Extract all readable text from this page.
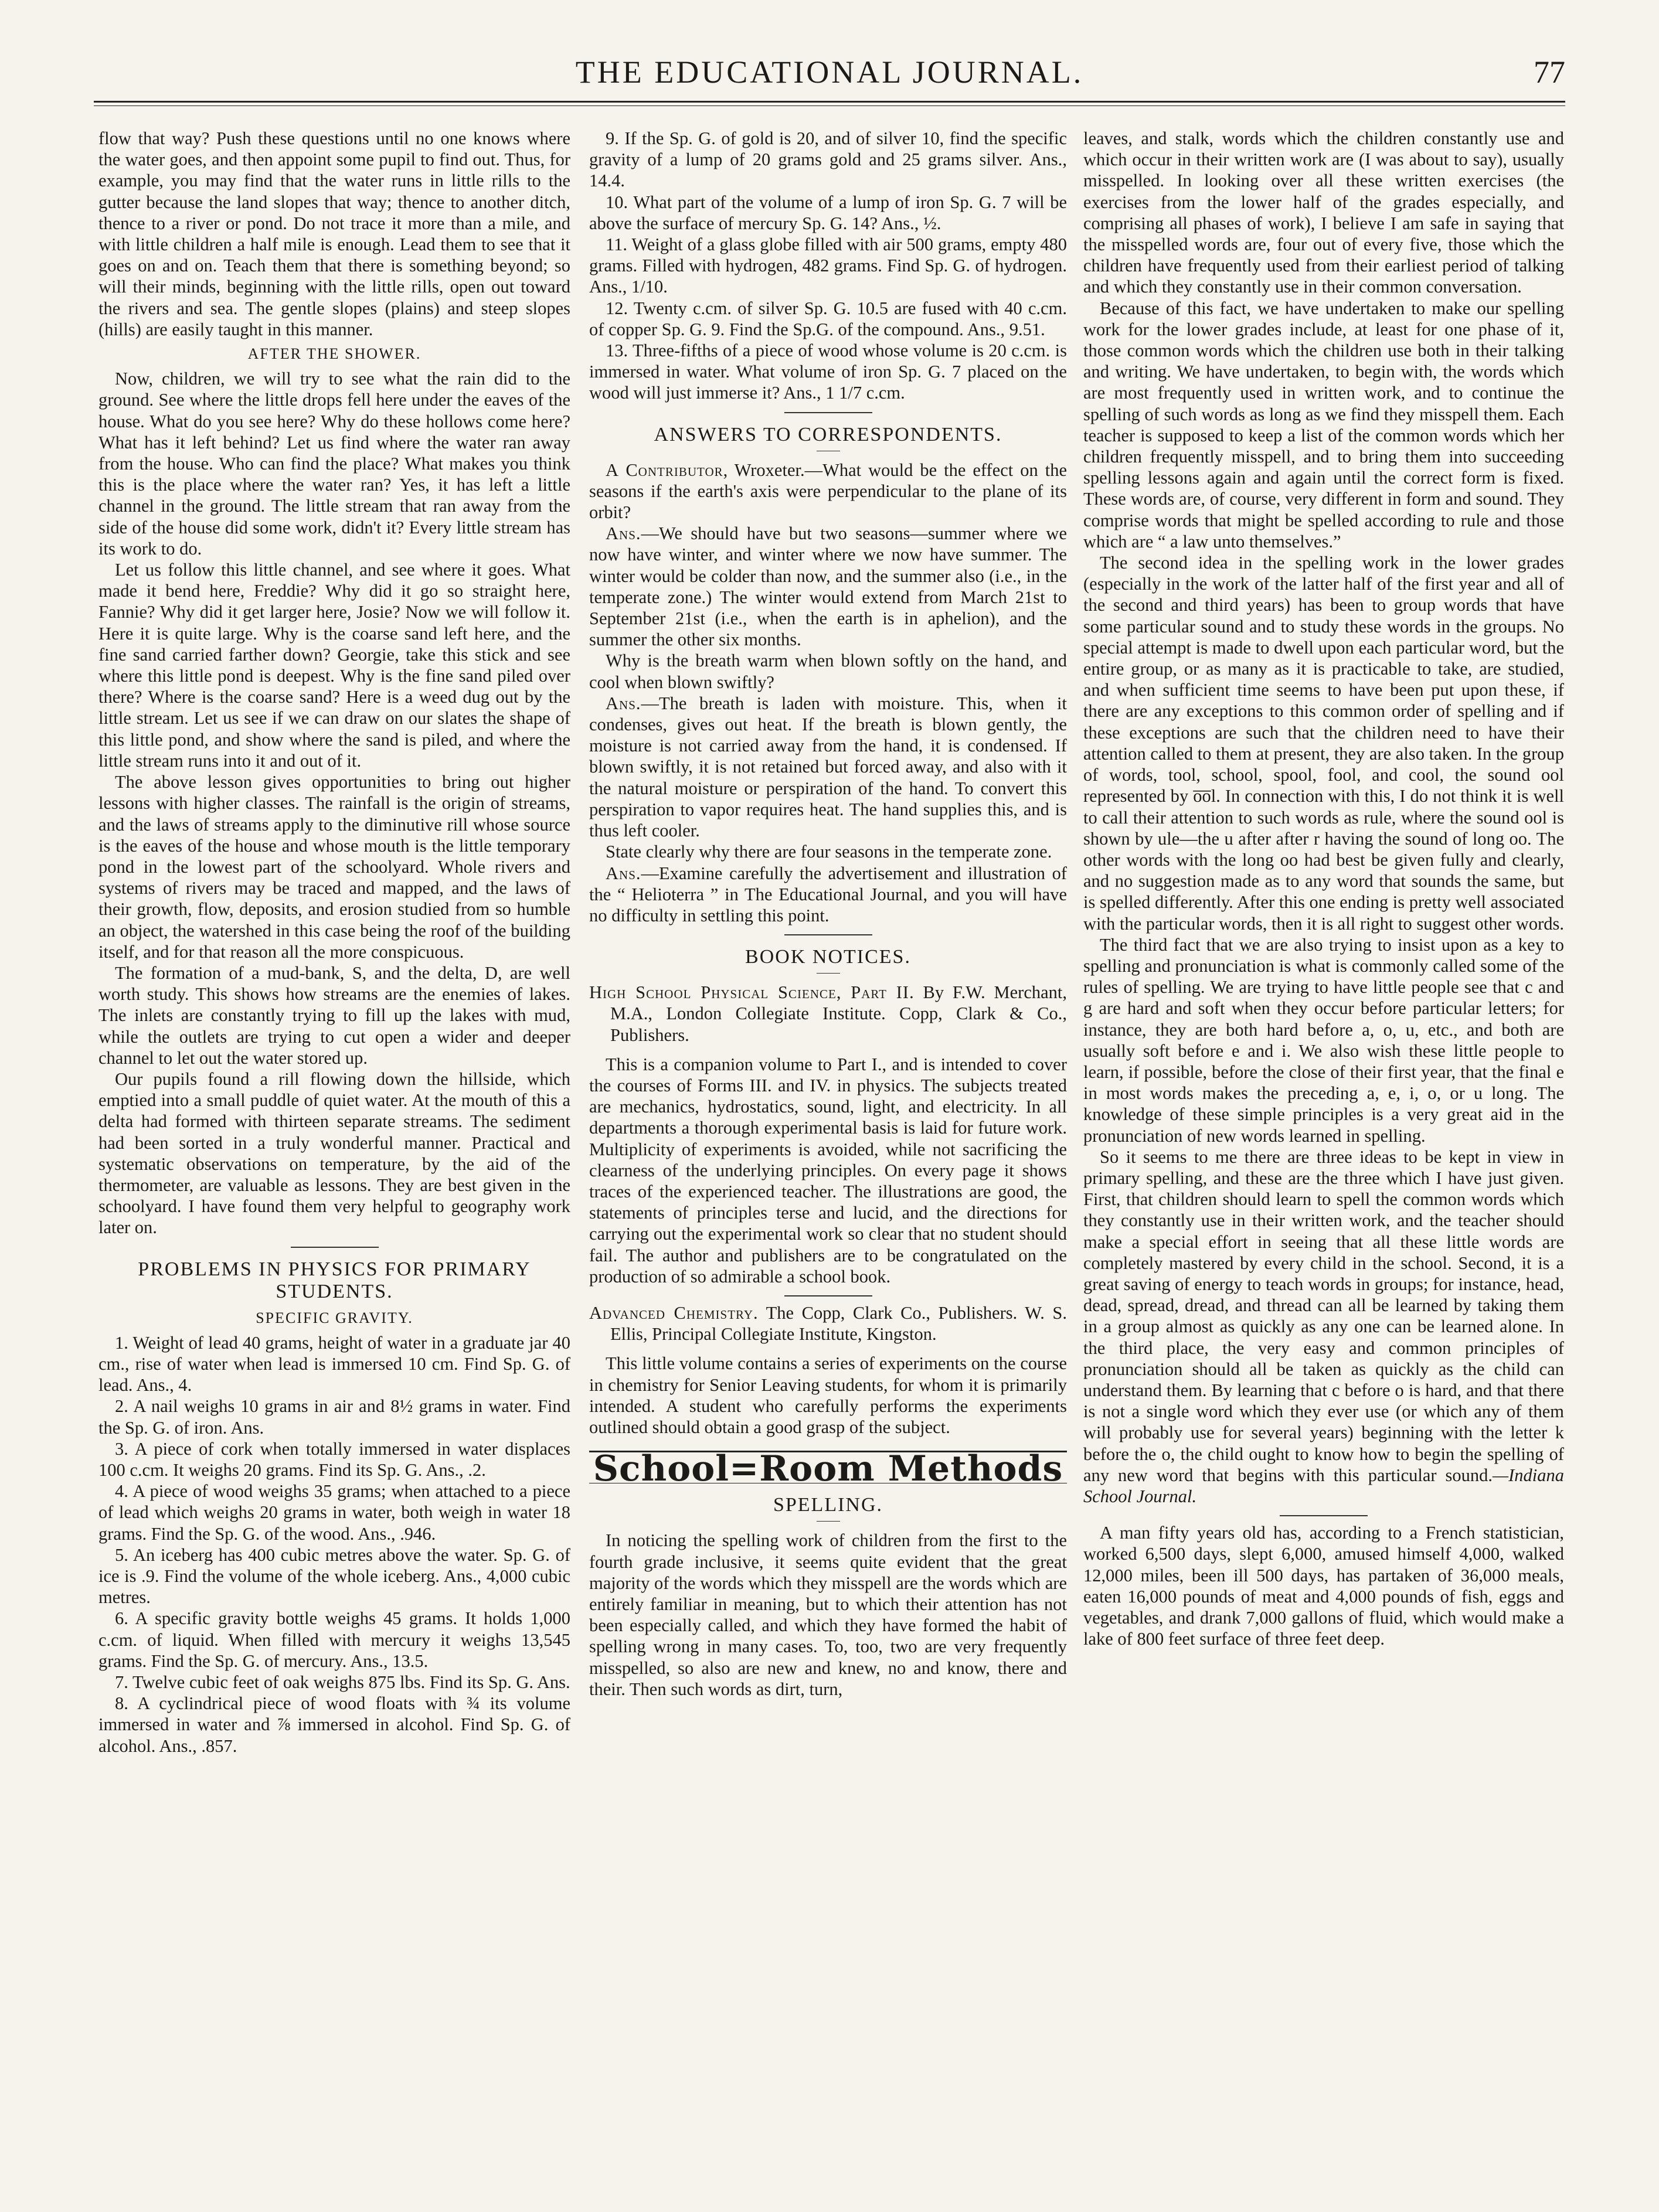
THE EDUCATIONAL JOURNAL.	77

flow that way? Push these questions until no one knows where the water goes, and then appoint some pupil to find out. Thus, for example, you may find that the water runs in little rills to the gutter because the land slopes that way; thence to another ditch, thence to a river or pond. Do not trace it more than a mile, and with little children a half mile is enough. Lead them to see that it goes on and on. Teach them that there is something beyond; so will their minds, beginning with the little rills, open out toward the rivers and sea. The gentle slopes (plains) and steep slopes (hills) are easily taught in this manner.

AFTER THE SHOWER.

Now, children, we will try to see what the rain did to the ground. See where the little drops fell here under the eaves of the house. What do you see here? Why do these hollows come here? What has it left behind? Let us find where the water ran away from the house. Who can find the place? What makes you think this is the place where the water ran? Yes, it has left a little channel in the ground. The little stream that ran away from the side of the house did some work, didn't it? Every little stream has its work to do.

Let us follow this little channel, and see where it goes. What made it bend here, Freddie? Why did it go so straight here, Fannie? Why did it get larger here, Josie? Now we will follow it. Here it is quite large. Why is the coarse sand left here, and the fine sand carried farther down? Georgie, take this stick and see where this little pond is deepest. Why is the fine sand piled over there? Where is the coarse sand? Here is a weed dug out by the little stream. Let us see if we can draw on our slates the shape of this little pond, and show where the sand is piled, and where the little stream runs into it and out of it.

The above lesson gives opportunities to bring out higher lessons with higher classes. The rainfall is the origin of streams, and the laws of streams apply to the diminutive rill whose source is the eaves of the house and whose mouth is the little temporary pond in the lowest part of the schoolyard. Whole rivers and systems of rivers may be traced and mapped, and the laws of their growth, flow, deposits, and erosion studied from so humble an object, the watershed in this case being the roof of the building itself, and for that reason all the more conspicuous.

The formation of a mud-bank, S, and the delta, D, are well worth study. This shows how streams are the enemies of lakes. The inlets are constantly trying to fill up the lakes with mud, while the outlets are trying to cut open a wider and deeper channel to let out the water stored up.

Our pupils found a rill flowing down the hillside, which emptied into a small puddle of quiet water. At the mouth of this a delta had formed with thirteen separate streams. The sediment had been sorted in a truly wonderful manner. Practical and systematic observations on temperature, by the aid of the thermometer, are valuable as lessons. They are best given in the schoolyard. I have found them very helpful to geography work later on.

PROBLEMS IN PHYSICS FOR PRIMARY STUDENTS.
SPECIFIC GRAVITY.

1. Weight of lead 40 grams, height of water in a graduate jar 40 cm., rise of water when lead is immersed 10 cm. Find Sp. G. of lead. Ans., 4.

2. A nail weighs 10 grams in air and 8½ grams in water. Find the Sp. G. of iron. Ans.

3. A piece of cork when totally immersed in water displaces 100 c.cm. It weighs 20 grams. Find its Sp. G. Ans., .2.

4. A piece of wood weighs 35 grams; when attached to a piece of lead which weighs 20 grams in water, both weigh in water 18 grams. Find the Sp. G. of the wood. Ans., .946.

5. An iceberg has 400 cubic metres above the water. Sp. G. of ice is .9. Find the volume of the whole iceberg. Ans., 4,000 cubic metres.

6. A specific gravity bottle weighs 45 grams. It holds 1,000 c.cm. of liquid. When filled with mercury it weighs 13,545 grams. Find the Sp. G. of mercury. Ans., 13.5.

7. Twelve cubic feet of oak weighs 875 lbs. Find its Sp. G. Ans.

8. A cyclindrical piece of wood floats with ¾ its volume immersed in water and ⅞ immersed in alcohol. Find Sp. G. of alcohol. Ans., .857.

9. If the Sp. G. of gold is 20, and of silver 10, find the specific gravity of a lump of 20 grams gold and 25 grams silver. Ans., 14.4.

10. What part of the volume of a lump of iron Sp. G. 7 will be above the surface of mercury Sp. G. 14? Ans., ½.

11. Weight of a glass globe filled with air 500 grams, empty 480 grams. Filled with hydrogen, 482 grams. Find Sp. G. of hydrogen. Ans., 1/10.

12. Twenty c.cm. of silver Sp. G. 10.5 are fused with 40 c.cm. of copper Sp. G. 9. Find the Sp.G. of the compound. Ans., 9.51.

13. Three-fifths of a piece of wood whose volume is 20 c.cm. is immersed in water. What volume of iron Sp. G. 7 placed on the wood will just immerse it? Ans., 1 1/7 c.cm.

ANSWERS TO CORRESPONDENTS.

A Contributor, Wroxeter.—What would be the effect on the seasons if the earth's axis were perpendicular to the plane of its orbit?

Ans.—We should have but two seasons—summer where we now have winter, and winter where we now have summer. The winter would be colder than now, and the summer also (i.e., in the temperate zone.) The winter would extend from March 21st to September 21st (i.e., when the earth is in aphelion), and the summer the other six months.

Why is the breath warm when blown softly on the hand, and cool when blown swiftly?

Ans.—The breath is laden with moisture. This, when it condenses, gives out heat. If the breath is blown gently, the moisture is not carried away from the hand, it is condensed. If blown swiftly, it is not retained but forced away, and also with it the natural moisture or perspiration of the hand. To convert this perspiration to vapor requires heat. The hand supplies this, and is thus left cooler.

State clearly why there are four seasons in the temperate zone.

Ans.—Examine carefully the advertisement and illustration of the “ Helioterra ” in The Educational Journal, and you will have no difficulty in settling this point.

BOOK NOTICES.

High School Physical Science, Part II. By F.W. Merchant, M.A., London Collegiate Institute. Copp, Clark & Co., Publishers.

This is a companion volume to Part I., and is intended to cover the courses of Forms III. and IV. in physics. The subjects treated are mechanics, hydrostatics, sound, light, and electricity. In all departments a thorough experimental basis is laid for future work. Multiplicity of experiments is avoided, while not sacrificing the clearness of the underlying principles. On every page it shows traces of the experienced teacher. The illustrations are good, the statements of principles terse and lucid, and the directions for carrying out the experimental work so clear that no student should fail. The author and publishers are to be congratulated on the production of so admirable a school book.

Advanced Chemistry. The Copp, Clark Co., Publishers. W. S. Ellis, Principal Collegiate Institute, Kingston.

This little volume contains a series of experiments on the course in chemistry for Senior Leaving students, for whom it is primarily intended. A student who carefully performs the experiments outlined should obtain a good grasp of the subject.

School=Room Methods
SPELLING.

In noticing the spelling work of children from the first to the fourth grade inclusive, it seems quite evident that the great majority of the words which they misspell are the words which are entirely familiar in meaning, but to which their attention has not been especially called, and which they have formed the habit of spelling wrong in many cases. To, too, two are very frequently misspelled, so also are new and knew, no and know, there and their. Then such words as dirt, turn,

leaves, and stalk, words which the children constantly use and which occur in their written work are (I was about to say), usually misspelled. In looking over all these written exercises (the exercises from the lower half of the grades especially, and comprising all phases of work), I believe I am safe in saying that the misspelled words are, four out of every five, those which the children have frequently used from their earliest period of talking and which they constantly use in their common conversation.

Because of this fact, we have undertaken to make our spelling work for the lower grades include, at least for one phase of it, those common words which the children use both in their talking and writing. We have undertaken, to begin with, the words which are most frequently used in written work, and to continue the spelling of such words as long as we find they misspell them. Each teacher is supposed to keep a list of the common words which her children frequently misspell, and to bring them into succeeding spelling lessons again and again until the correct form is fixed. These words are, of course, very different in form and sound. They comprise words that might be spelled according to rule and those which are “ a law unto themselves.”

The second idea in the spelling work in the lower grades (especially in the work of the latter half of the first year and all of the second and third years) has been to group words that have some particular sound and to study these words in the groups. No special attempt is made to dwell upon each particular word, but the entire group, or as many as it is practicable to take, are studied, and when sufficient time seems to have been put upon these, if there are any exceptions to this common order of spelling and if these exceptions are such that the children need to have their attention called to them at present, they are also taken. In the group of words, tool, school, spool, fool, and cool, the sound ool represented by o̅o̅l. In connection with this, I do not think it is well to call their attention to such words as rule, where the sound ool is shown by ule—the u after after r having the sound of long oo. The other words with the long oo had best be given fully and clearly, and no suggestion made as to any word that sounds the same, but is spelled differently. After this one ending is pretty well associated with the particular words, then it is all right to suggest other words.

The third fact that we are also trying to insist upon as a key to spelling and pronunciation is what is commonly called some of the rules of spelling. We are trying to have little people see that c and g are hard and soft when they occur before particular letters; for instance, they are both hard before a, o, u, etc., and both are usually soft before e and i. We also wish these little people to learn, if possible, before the close of their first year, that the final e in most words makes the preceding a, e, i, o, or u long. The knowledge of these simple principles is a very great aid in the pronunciation of new words learned in spelling.

So it seems to me there are three ideas to be kept in view in primary spelling, and these are the three which I have just given. First, that children should learn to spell the common words which they constantly use in their written work, and the teacher should make a special effort in seeing that all these little words are completely mastered by every child in the school. Second, it is a great saving of energy to teach words in groups; for instance, head, dead, spread, dread, and thread can all be learned by taking them in a group almost as quickly as any one can be learned alone. In the third place, the very easy and common principles of pronunciation should all be taken as quickly as the child can understand them. By learning that c before o is hard, and that there is not a single word which they ever use (or which any of them will probably use for several years) beginning with the letter k before the o, the child ought to know how to begin the spelling of any new word that begins with this particular sound.—Indiana School Journal.

A man fifty years old has, according to a French statistician, worked 6,500 days, slept 6,000, amused himself 4,000, walked 12,000 miles, been ill 500 days, has partaken of 36,000 meals, eaten 16,000 pounds of meat and 4,000 pounds of fish, eggs and vegetables, and drank 7,000 gallons of fluid, which would make a lake of 800 feet surface of three feet deep.
